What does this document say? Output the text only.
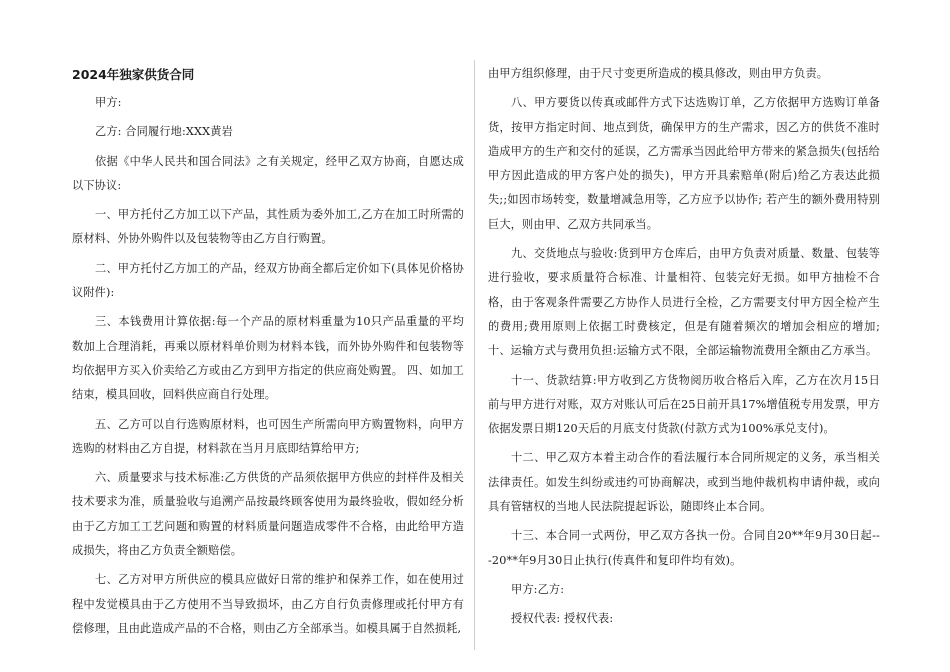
2024年独家供货合同

甲方:

乙方: 合同履行地:XXX黄岩

依据《中华人民共和国合同法》之有关规定，经甲乙双方协商，自愿达成以下协议:

一、甲方托付乙方加工以下产品，其性质为委外加工,乙方在加工时所需的原材料、外协外购件以及包装物等由乙方自行购置。

二、甲方托付乙方加工的产品，经双方协商全都后定价如下(具体见价格协议附件):

三、本钱费用计算依据:每一个产品的原材料重量为10只产品重量的平均数加上合理消耗，再乘以原材料单价则为材料本钱，而外协外购件和包装物等均依据甲方买入价卖给乙方或由乙方到甲方指定的供应商处购置。 四、如加工结束，模具回收，回料供应商自行处理。

五、乙方可以自行选购原材料，也可因生产所需向甲方购置物料，向甲方选购的材料由乙方自提，材料款在当月月底即结算给甲方;

六、质量要求与技术标准:乙方供货的产品须依据甲方供应的封样件及相关技术要求为准，质量验收与追溯产品按最终顾客使用为最终验收，假如经分析由于乙方加工工艺问题和购置的材料质量问题造成零件不合格，由此给甲方造成损失，将由乙方负责全额赔偿。

七、乙方对甲方所供应的模具应做好日常的维护和保养工作，如在使用过程中发觉模具由于乙方使用不当导致损坏，由乙方自行负责修理或托付甲方有偿修理，且由此造成产品的不合格，则由乙方全部承当。如模具属于自然损耗,

由甲方组织修理，由于尺寸变更所造成的模具修改，则由甲方负责。

八、甲方要货以传真或邮件方式下达选购订单，乙方依据甲方选购订单备货，按甲方指定时间、地点到货，确保甲方的生产需求，因乙方的供货不准时造成甲方的生产和交付的延误，乙方需承当因此给甲方带来的紧急损失(包括给甲方因此造成的甲方客户处的损失)，甲方开具索赔单(附后)给乙方表达此损失;;如因市场转变，数量增减急用等，乙方应予以协作; 若产生的额外费用特别巨大，则由甲、乙双方共同承当。

九、交货地点与验收:货到甲方仓库后，由甲方负责对质量、数量、包装等进行验收，要求质量符合标准、计量相符、包装完好无损。如甲方抽检不合格，由于客观条件需要乙方协作人员进行全检，乙方需要支付甲方因全检产生的费用;费用原则上依据工时费核定，但是有随着频次的增加会相应的增加; 十、运输方式与费用负担:运输方式不限，全部运输物流费用全额由乙方承当。

十一、货款结算:甲方收到乙方货物阅历收合格后入库，乙方在次月15日前与甲方进行对账，双方对账认可后在25日前开具17%增值税专用发票，甲方依据发票日期120天后的月底支付货款(付款方式为100%承兑支付)。

十二、甲乙双方本着主动合作的看法履行本合同所规定的义务，承当相关法律责任。如发生纠纷或违约可协商解决，或到当地仲裁机构申请仲裁，或向具有管辖权的当地人民法院提起诉讼，随即终止本合同。

十三、本合同一式两份，甲乙双方各执一份。合同自20**年9月30日起---20**年9月30日止执行(传真件和复印件均有效)。

甲方:乙方:

授权代表: 授权代表:
